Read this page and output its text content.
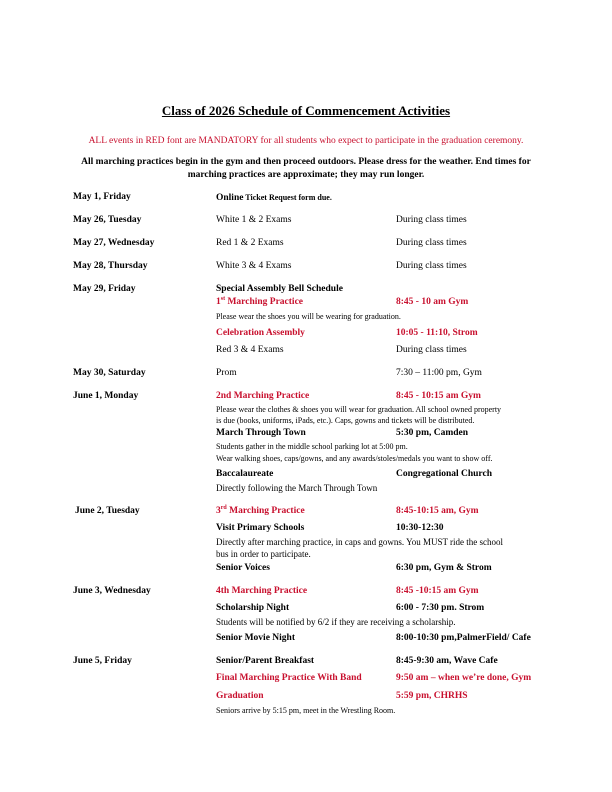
Class of 2026 Schedule of Commencement Activities
ALL events in RED font are MANDATORY for all students who expect to participate in the graduation ceremony.
All marching practices begin in the gym and then proceed outdoors. Please dress for the weather. End times for marching practices are approximate; they may run longer.
May 1, Friday	Online Ticket Request form due.
May 26, Tuesday	White 1 & 2 Exams	During class times
May 27, Wednesday	Red 1 & 2 Exams	During class times
May 28, Thursday	White 3 & 4 Exams	During class times
May 29, Friday	Special Assembly Bell Schedule
1st Marching Practice	8:45 - 10 am Gym
Please wear the shoes you will be wearing for graduation.
Celebration Assembly	10:05 - 11:10, Strom
Red 3 & 4 Exams	During class times
May 30, Saturday	Prom	7:30 – 11:00 pm, Gym
June 1, Monday	2nd Marching Practice	8:45 - 10:15 am Gym
Please wear the clothes & shoes you will wear for graduation. All school owned property
is due (books, uniforms, iPads, etc.). Caps, gowns and tickets will be distributed.
March Through Town	5:30 pm, Camden
Students gather in the middle school parking lot at 5:00 pm.
Wear walking shoes, caps/gowns, and any awards/stoles/medals you want to show off.
Baccalaureate	Congregational Church
Directly following the March Through Town
June 2, Tuesday	3rd Marching Practice	8:45-10:15 am, Gym
Visit Primary Schools	10:30-12:30
Directly after marching practice, in caps and gowns. You MUST ride the school
bus in order to participate.
Senior Voices	6:30 pm, Gym & Strom
June 3, Wednesday	4th Marching Practice	8:45 -10:15 am Gym
Scholarship Night	6:00 - 7:30 pm. Strom
Students will be notified by 6/2 if they are receiving a scholarship.
Senior Movie Night	8:00-10:30 pm,PalmerField/ Cafe
June 5, Friday	Senior/Parent Breakfast	8:45-9:30 am, Wave Cafe
Final Marching Practice With Band	9:50 am – when we’re done, Gym
Graduation	5:59 pm, CHRHS
Seniors arrive by 5:15 pm, meet in the Wrestling Room.
